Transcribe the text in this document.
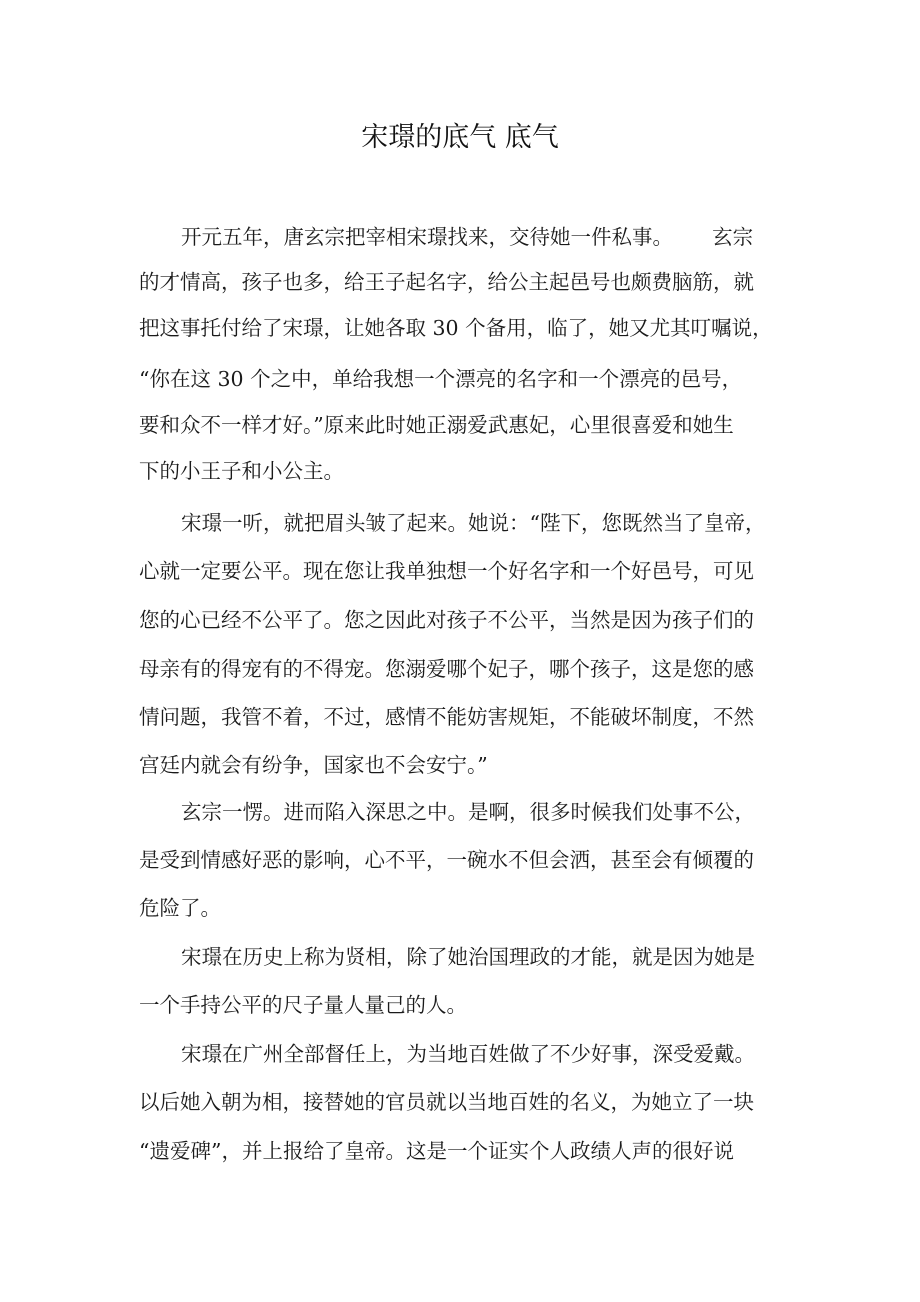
宋璟的底气 底气
开元五年，唐玄宗把宰相宋璟找来，交待她一件私事。      玄宗
的才情高，孩子也多，给王子起名字，给公主起邑号也颇费脑筋，就
把这事托付给了宋璟，让她各取 30 个备用，临了，她又尤其叮嘱说，
“你在这 30 个之中，单给我想一个漂亮的名字和一个漂亮的邑号，
要和众不一样才好。”原来此时她正溺爱武惠妃，心里很喜爱和她生
下的小王子和小公主。
宋璟一听，就把眉头皱了起来。她说：“陛下，您既然当了皇帝，
心就一定要公平。现在您让我单独想一个好名字和一个好邑号，可见
您的心已经不公平了。您之因此对孩子不公平，当然是因为孩子们的
母亲有的得宠有的不得宠。您溺爱哪个妃子，哪个孩子，这是您的感
情问题，我管不着，不过，感情不能妨害规矩，不能破坏制度，不然
宫廷内就会有纷争，国家也不会安宁。”
玄宗一愣。进而陷入深思之中。是啊，很多时候我们处事不公，
是受到情感好恶的影响，心不平，一碗水不但会洒，甚至会有倾覆的
危险了。
宋璟在历史上称为贤相，除了她治国理政的才能，就是因为她是
一个手持公平的尺子量人量己的人。
宋璟在广州全部督任上，为当地百姓做了不少好事，深受爱戴。
以后她入朝为相，接替她的官员就以当地百姓的名义，为她立了一块
“遗爱碑”，并上报给了皇帝。这是一个证实个人政绩人声的很好说
